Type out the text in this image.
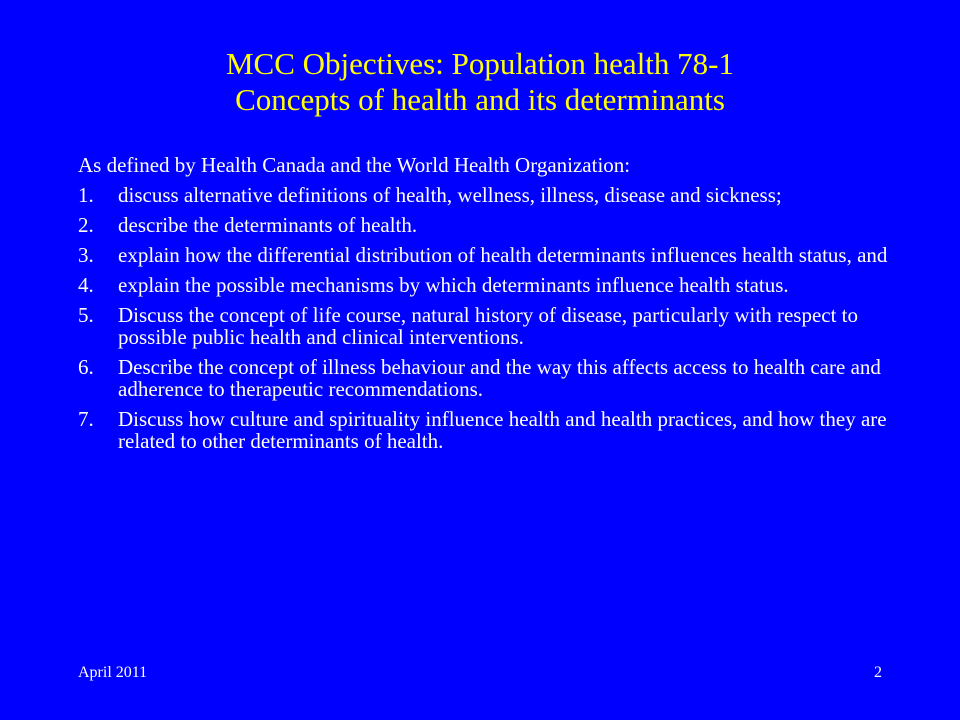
MCC Objectives: Population health 78-1
Concepts of health and its determinants
As defined by Health Canada and the World Health Organization:
1.	discuss alternative definitions of health, wellness, illness, disease and sickness;
2.	describe the determinants of health.
3.	explain how the differential distribution of health determinants influences health status, and
4.	explain the possible mechanisms by which determinants influence health status.
5.	Discuss the concept of life course, natural history of disease, particularly with respect to possible public health and clinical interventions.
6.	Describe the concept of illness behaviour and the way this affects access to health care and adherence to therapeutic recommendations.
7.	Discuss how culture and spirituality influence health and health practices, and how they are related to other determinants of health.
April 2011	2
